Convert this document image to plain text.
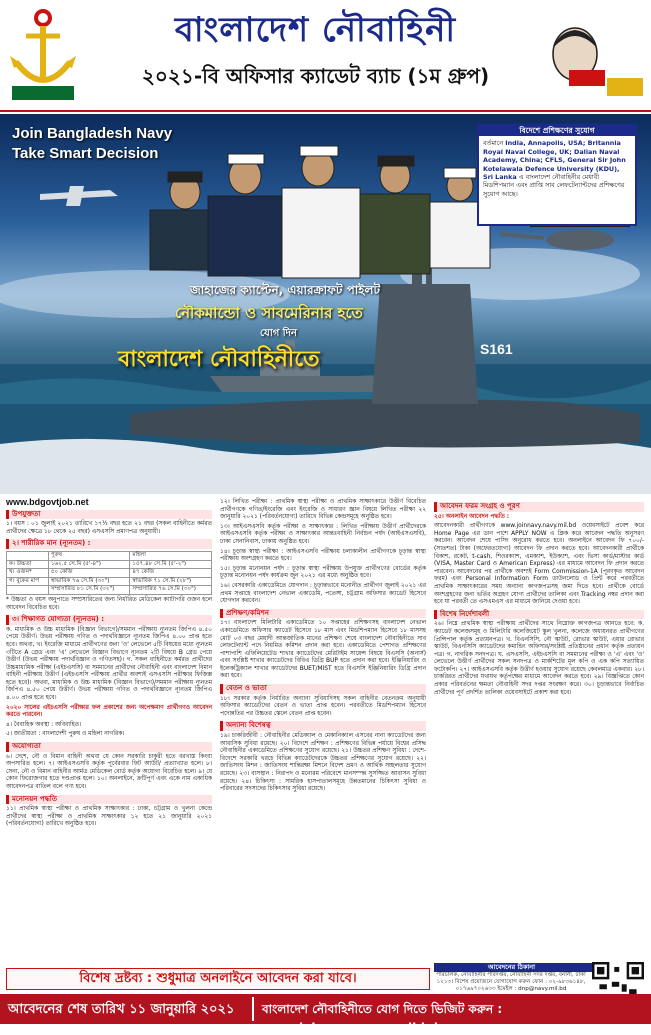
বাংলাদেশ নৌবাহিনী
২০২১-বি অফিসার ক্যাডেট ব্যাচ (১ম গ্রুপ)
S161
Join Bangladesh Navy
Take Smart Decision
বিদেশে প্রশিক্ষণের সুযোগ
বর্তমানে India, Annapolis, USA; Britannia Royal Naval College, UK; Dalian Naval Academy, China; CFLS, General Sir John Kotelawala Defence University (KDU), Sri Lanka এ বাংলাদেশ নৌবাহিনীর মেধাবী মিডশিপম্যান এবং প্রাপ্তি সাব লেফটেন্যান্টদের প্রশিক্ষণের সুযোগ আছে।
জাহাজের ক্যাপ্টেন, এয়ারক্রাফট পাইলট
নৌকমান্ডো ও সাবমেরিনার হতে
যোগ দিন
বাংলাদেশ নৌবাহিনীতে
www.bdgovtjob.net
উপযুক্ততা
১। বয়স : ০১ জুলাই ২০২১ তারিখে ১৭½ বছর হতে ২১ বছর (সকল বাহিনীতে কর্মরত প্রার্থীদের ক্ষেত্রে ১৮ থেকে ২৫ বছর) এসএসসি প্রমাণপত্র অনুযায়ী।
২। শারীরিক মান (ন্যূনতম) :
	পুরুষ	মহিলা
ক। উচ্চতা	১৬২.৫ সে.মি (৫'-৪")	১৫৭.৪৮ সে.মি (৫'-২")
খ। ওজন*	৫০ কেজি	৪৭ কেজি
গ। বুকের মাপ	স্বাভাবিক ৭৬ সে.মি (৩০")	স্বাভাবিক ৭১ সে.মি (২৮")
	সম্প্রসারিত ৮১ সে.মি (৩২")	সম্প্রসারিত ৭৬ সে.মি (৩০")
* উচ্চতা ও বয়স অনুপাতে সম্প্রসারিতের জন্য নির্ধারিত মেডিকেল ক্যাটাগরি ওজন হলে আবেদন বিবেচিত হবে।
৩। শিক্ষাগত যোগ্যতা (ন্যূনতম) :
ক. মাধ্যমিক ও উচ্চ মাধ্যমিক (বিজ্ঞান বিভাগে)/সমমান পরীক্ষায় ন্যূনতম জিপিএ ৪.৫০ পেয়ে উত্তীর্ণ। উভয় পরীক্ষায় গণিত ও পদার্থবিজ্ঞানে ন্যূনতম জিপিএ ৪.০০ প্রাপ্ত হতে হবে। অথবা, খ। ইংরেজি মাধ্যমে প্রার্থীগণের জন্য 'ও' লেভেলে ৫টি বিষয়ের মধ্যে ন্যূনতম ৩টিতে A গ্রেড এবং 'এ' লেভেলে বিজ্ঞান বিভাগে ন্যূনতম ২টি বিষয়ে B গ্রেড পেয়ে উত্তীর্ণ (উভয় পরীক্ষায় পদার্থবিজ্ঞান ও গণিতসহ)। গ. সকল বাহিনীতে কর্মরত প্রার্থীদের উচ্চমাধ্যমিক পরীক্ষা (এইচএসসি) বা সমমানের প্রার্থীদের নৌবাহিনী এবং বাংলাদেশ বিমান বাহিনী পরীক্ষায় উত্তীর্ণ (এইচএসসি পরীক্ষায় প্রার্থীর অবশ্যই এসএসসি পরীক্ষার ফিজিক্স হতে হবে)। অথবা, মাধ্যমিক ও উচ্চ মাধ্যমিক (বিজ্ঞান বিভাগে)/সমমান পরীক্ষায় ন্যূনতম জিপিএ ৪.৫০ পেয়ে উত্তীর্ণ। উভয় পরীক্ষায় গণিত ও পদার্থবিজ্ঞানে ন্যূনতম জিপিএ ৪.০০ প্রাপ্ত হতে হবে।
২০২০ সালের এইচএসসি পরীক্ষার ফল প্রকাশের জন্য অপেক্ষমাণ প্রার্থীগণও আবেদন করতে পারবেন।
৪। বৈবাহিক অবস্থা : অবিবাহিত।
৫। জাতীয়তা : বাংলাদেশী পুরুষ ও মহিলা নাগরিক।
অযোগ্যতা
৬। দেশে, নৌ ও বিমান বাহিনী অথবা যে কোন সরকারি চাকুরী হতে বরখাস্ত কিংবা অপসারিত হলে। ৭। আইএসএসবি কর্তৃক পূর্বেরবার ফিট আউট/ প্রত্যাখ্যাত হলে। ৮। সেনা, নৌ ও বিমান বাহিনীর আর্মড মেডিকেল বোর্ড কর্তৃক অযোগ্য বিবেচিত হলে। ৯। যে কোন ফিরোজগার হতে দণ্ডপ্রাপ্ত হলে। ১০। অনলাইনে, ক্রটিপূর্ণ এবং একে নাম একাধিক আবেদনপত্র বাতিল বলে গণ্য হবে।
মনোনয়ন পদ্ধতি
১১। প্রাথমিক স্বাস্থ্য পরীক্ষা ও প্রাথমিক সাক্ষাৎকার : ঢাকা, চট্টগ্রাম ও খুলনা কেন্দ্রে প্রার্থীদের স্বাস্থ্য পরীক্ষা ও প্রাথমিক সাক্ষাৎকার ১২ হতে ২১ জানুয়ারি ২০২১ (পরিবর্তনযোগ্য) তারিখে অনুষ্ঠিত হবে।
১২। লিখিত পরীক্ষা : প্রাথমিক স্বাস্থ্য পরীক্ষা ও প্রাথমিক সাক্ষাৎকারে উত্তীর্ণ বিবেচিত প্রার্থীগণকে গণিত/ইংরেজি এবং ইংরেজি ও সাধারণ জ্ঞান বিষয়ে লিখিত পরীক্ষা ২২ জানুয়ারি ২০২১ (পরিবর্তনযোগ্য) তারিখে বিভিন্ন কেন্দ্রসমূহে অনুষ্ঠিত হবে।
১৩। আইএসএসবি কর্তৃক পরীক্ষা ও সাক্ষাৎকার : লিখিত পরীক্ষায় উত্তীর্ণ প্রার্থীদেরকে আইএসএসবি কর্তৃক পরীক্ষা ও সাক্ষাৎকার আন্তঃবাহিনী নির্বাচন পর্ষদ (আইএসএসবি), ঢাকা সেনানিবাস, ঢাকায় অনুষ্ঠিত হবে।
১৪। চূড়ান্ত স্বাস্থ্য পরীক্ষা : আইএসএসবি পরীক্ষায় চলাকালীন প্রার্থীগণকে চূড়ান্ত স্বাস্থ্য পরীক্ষায় অংশগ্রহণ করতে হবে।
১৫। চূড়ান্ত মনোনয়ন পর্ষদ : চূড়ান্ত স্বাস্থ্য পরীক্ষায় উপযুক্ত প্রার্থীগণের বোর্ডের কর্তৃক চূড়ান্ত মনোনয়ন পর্ষদ কার্যক্রম জুন ২০২১ এর মধ্যে অনুষ্ঠিত হবে।
১৬। বেসরকারি একাডেমিতে যোগদান : চূড়ান্তভাবে মনোনীত প্রার্থীগণ জুলাই ২০২১ এর প্রথম সপ্তাহে বাংলাদেশ নেভাল একাডেমি, পতেঙ্গা, চট্টগ্রাম অফিসার ক্যাডেট হিসেবে যোগদান করবেন।
প্রশিক্ষণ/কমিশন
১৭। বাংলাদেশ মিলিটারি একাডেমিতে ১০ সপ্তাহের প্রশিক্ষণসহ বাংলাদেশ নেভাল একাডেমিতে অফিসার ক্যাডেট হিসেবে ১৮ মাস এবং মিডশিপম্যান হিসেবে ১৮ মাসসহ মোট ০৩ বছর মেয়াদী আন্তর্জাতিক মানের প্রশিক্ষণ শেষে বাংলাদেশ নৌবাহিনীতে সাব লেফটেন্যান্ট পদে নিয়মিত কমিশন প্রদান করা হবে। একাডেমিতে পেশাগত প্রশিক্ষণের পাশাপাশি এফিলিয়েটেড শাখার ক্যাডেটদের মেরিটাইম সায়েন্স বিষয়ে বিএসসি (অনার্স) এবং সংশ্লিষ্ট শাখার ক্যাডেটদের বিবিএ ডিগ্রি BUP হতে প্রদান করা হবে। ইঞ্জিনিয়ারিং ও ইলেকট্রিক্যাল শাখার ক্যাডেটদের BUET/MIST হতে বিএসসি ইঞ্জিনিয়ারিং ডিগ্রি প্রদান করা হবে।
বেতন ও ভাতা
১৮। সরকার কর্তৃক নির্ধারিত অন্যান্য সুবিধাদিসহ সকল বাহিনীর বেতনক্রম অনুযায়ী অফিসার ক্যাডেটদের বেতন ও ভাতা প্রাপ্ত হবেন। পরবর্তীতে মিডশিপম্যান হিসেবে পদোন্নতির পর উচ্চতর স্কেলে বেতন প্রাপ্ত হবেন।
অন্যান্য বিশেষত্ব
১৯। চাকরিজীবী : নৌবাহিনীর মেডিক্যাল ও মেকানিক্যাল এসবের নানা ক্যাডেটদের জন্য আবাসিক সুবিধা রয়েছে। ২০। বিদেশে প্রশিক্ষণ : প্রশিক্ষণের বিভিন্ন পর্যায়ে বিশ্বের প্রসিদ্ধ নৌবাহিনীর একাডেমিতে প্রশিক্ষণের সুযোগ রয়েছে। ২১। উচ্চতর প্রশিক্ষণ সুবিধা : দেশে-বিদেশে সরকারি খরচে বিভিন্ন ক্যাডেটদেরকে উচ্চতর প্রশিক্ষণের সুযোগ রয়েছে। ২২। জাতিসংঘ মিশন : জাতিসংঘ শান্তিরক্ষা মিশনে বিদেশ ভ্রমণ ও আর্থিক সচ্ছলতার সুযোগ রয়েছে। ২৩। বাসস্থান : নিরাপদ ও মনোরম পরিবেশে মানসম্পন্ন সুসজ্জিত আবাসন সুবিধা রয়েছে। ২৪। চিকিৎসা : সামরিক হাসপাতালসমূহে উন্নতমানের চিকিৎসা সুবিধা ও পরিবারের সদস্যদের চিকিৎসার সুবিধা রয়েছে।
আবেদন ফরম সংগ্রহ ও পূরণ
২৫। অনলাইন আবেদন পদ্ধতি :
আবেদনকারী প্রার্থীগণকে www.joinnavy.navy.mil.bd ওয়েবসাইটে প্রবেশ করে Home Page এর ডান পাশে APPLY NOW এ ক্লিক করে আবেদন পদ্ধতি অনুসরণ করবেন। আবেদন শেষে পাসিং অনুরোধ করতে হবে। অনলাইনে আবেদন ফি ৭০০/- (সাতশত) টাকা (অফেরতযোগ্য) আবেদন ফি প্রদান করতে হবে। আবেদনকারী প্রার্থীকে বিকাশ, রকেট, t-cash, শিওরক্যাশ, এমক্যাশ, ইউক্যাশ, এবং ভিসা কার্ড/মাস্টার কার্ড (VISA, Master Card ও American Express) এর মাধ্যমে আবেদন ফি প্রদান করতে পারবেন। আবেদনের পর প্রার্থীকে অবশ্যই Form Commission-1A (পূরণকৃত আবেদন ফরম) এবং Personal Information Form ডাউনলোড ও প্রিন্ট করে পরবর্তীতে প্রাথমিক সাক্ষাৎকারের সময় অন্যান্য কাগজপত্রসহ জমা দিতে হবে। প্রার্থীকে বোর্ডে অংশগ্রহণের জন্য ভর্তির অগ্রহণ যোগ্য প্রার্থীদের তালিকা এবং Tracking নম্বর প্রদান করা হবে যা পরবর্তী তে এসএমএস এর মাধ্যমে জানিয়ে দেওয়া হবে।
বিশেষ নির্দেশাবলী
২৬। নিম্নে প্রাথমিক স্বাস্থ্য পরীক্ষায় প্রার্থীদের সাথে নিম্নোক্ত কাগজপত্র আনতে হবে: ক. ক্যাডেট কলেজসমূহ ও মিলিটারি কলেজিয়েট স্কুল খুলনা, কলেজে অধ্যয়নরত প্রার্থীগণের প্রিন্সিপাল কর্তৃক প্রত্যয়নপত্র। খ. বিএনসিসি, নৌ স্কাউট, রোভার স্কাউট, এয়ার রোভার স্কাউট, বিএনসিসি ক্যাডেটদের কমান্ডিং অফিসার/সংশ্লিষ্ট প্রতিষ্ঠানের প্রধান কর্তৃক প্রত্যয়ন পত্র। গ. নাগরিক সনদপত্র। ঘ. এসএসসি, এইচএসসি বা সমমানের পরীক্ষা ও 'এ' এবং 'ও' লেভেলে উত্তীর্ণ প্রার্থীদের সকল সনদপত্র ও মার্কশিটের মূল কপি ও এক কপি সত্যায়িত ফটোকপি। ২৭। আইএসএসবি কর্তৃক উত্তীর্ণ হওয়ার সুযোগ রয়েছে কেবলমাত্র একবার। ২৮। চাকরিরত প্রার্থীদের যথাযথ কর্তৃপক্ষের মাধ্যমে আবেদন করতে হবে। ২৯। বিজ্ঞপ্তিতে কোন প্রকার পরিবর্তনের ক্ষমতা নৌবাহিনী সদর দপ্তর সংরক্ষণ করে। ৩০। চূড়ান্তভাবে নির্বাচিত প্রার্থীদের পূর্ণ প্রদর্শিত তালিকা ওয়েবসাইটে প্রকাশ করা হবে।
বিশেষ দ্রষ্টব্য : শুধুমাত্র অনলাইনে আবেদন করা যাবে।
আবেদনের ঠিকানা
পরিচালক, নৌবাহিনীর পরিদপ্তর, নৌবাহিনী সদর দপ্তর, বনানী, ঢাকা ১২১৩। বিশেষ প্রয়োজনে যোগাযোগ করুন ফোন : ০২-৯৮৩৬১৪৮, ০১৭৬৯৭০২৬৩৩ ইমেইল : dnp@navy.mil.bd
আবেদনের শেষ তারিখ ১১ জানুয়ারি ২০২১ বাংলাদেশ নৌবাহিনীতে যোগ দিতে ভিজিট করুন : www.joinnavy.navy.mil.bd
